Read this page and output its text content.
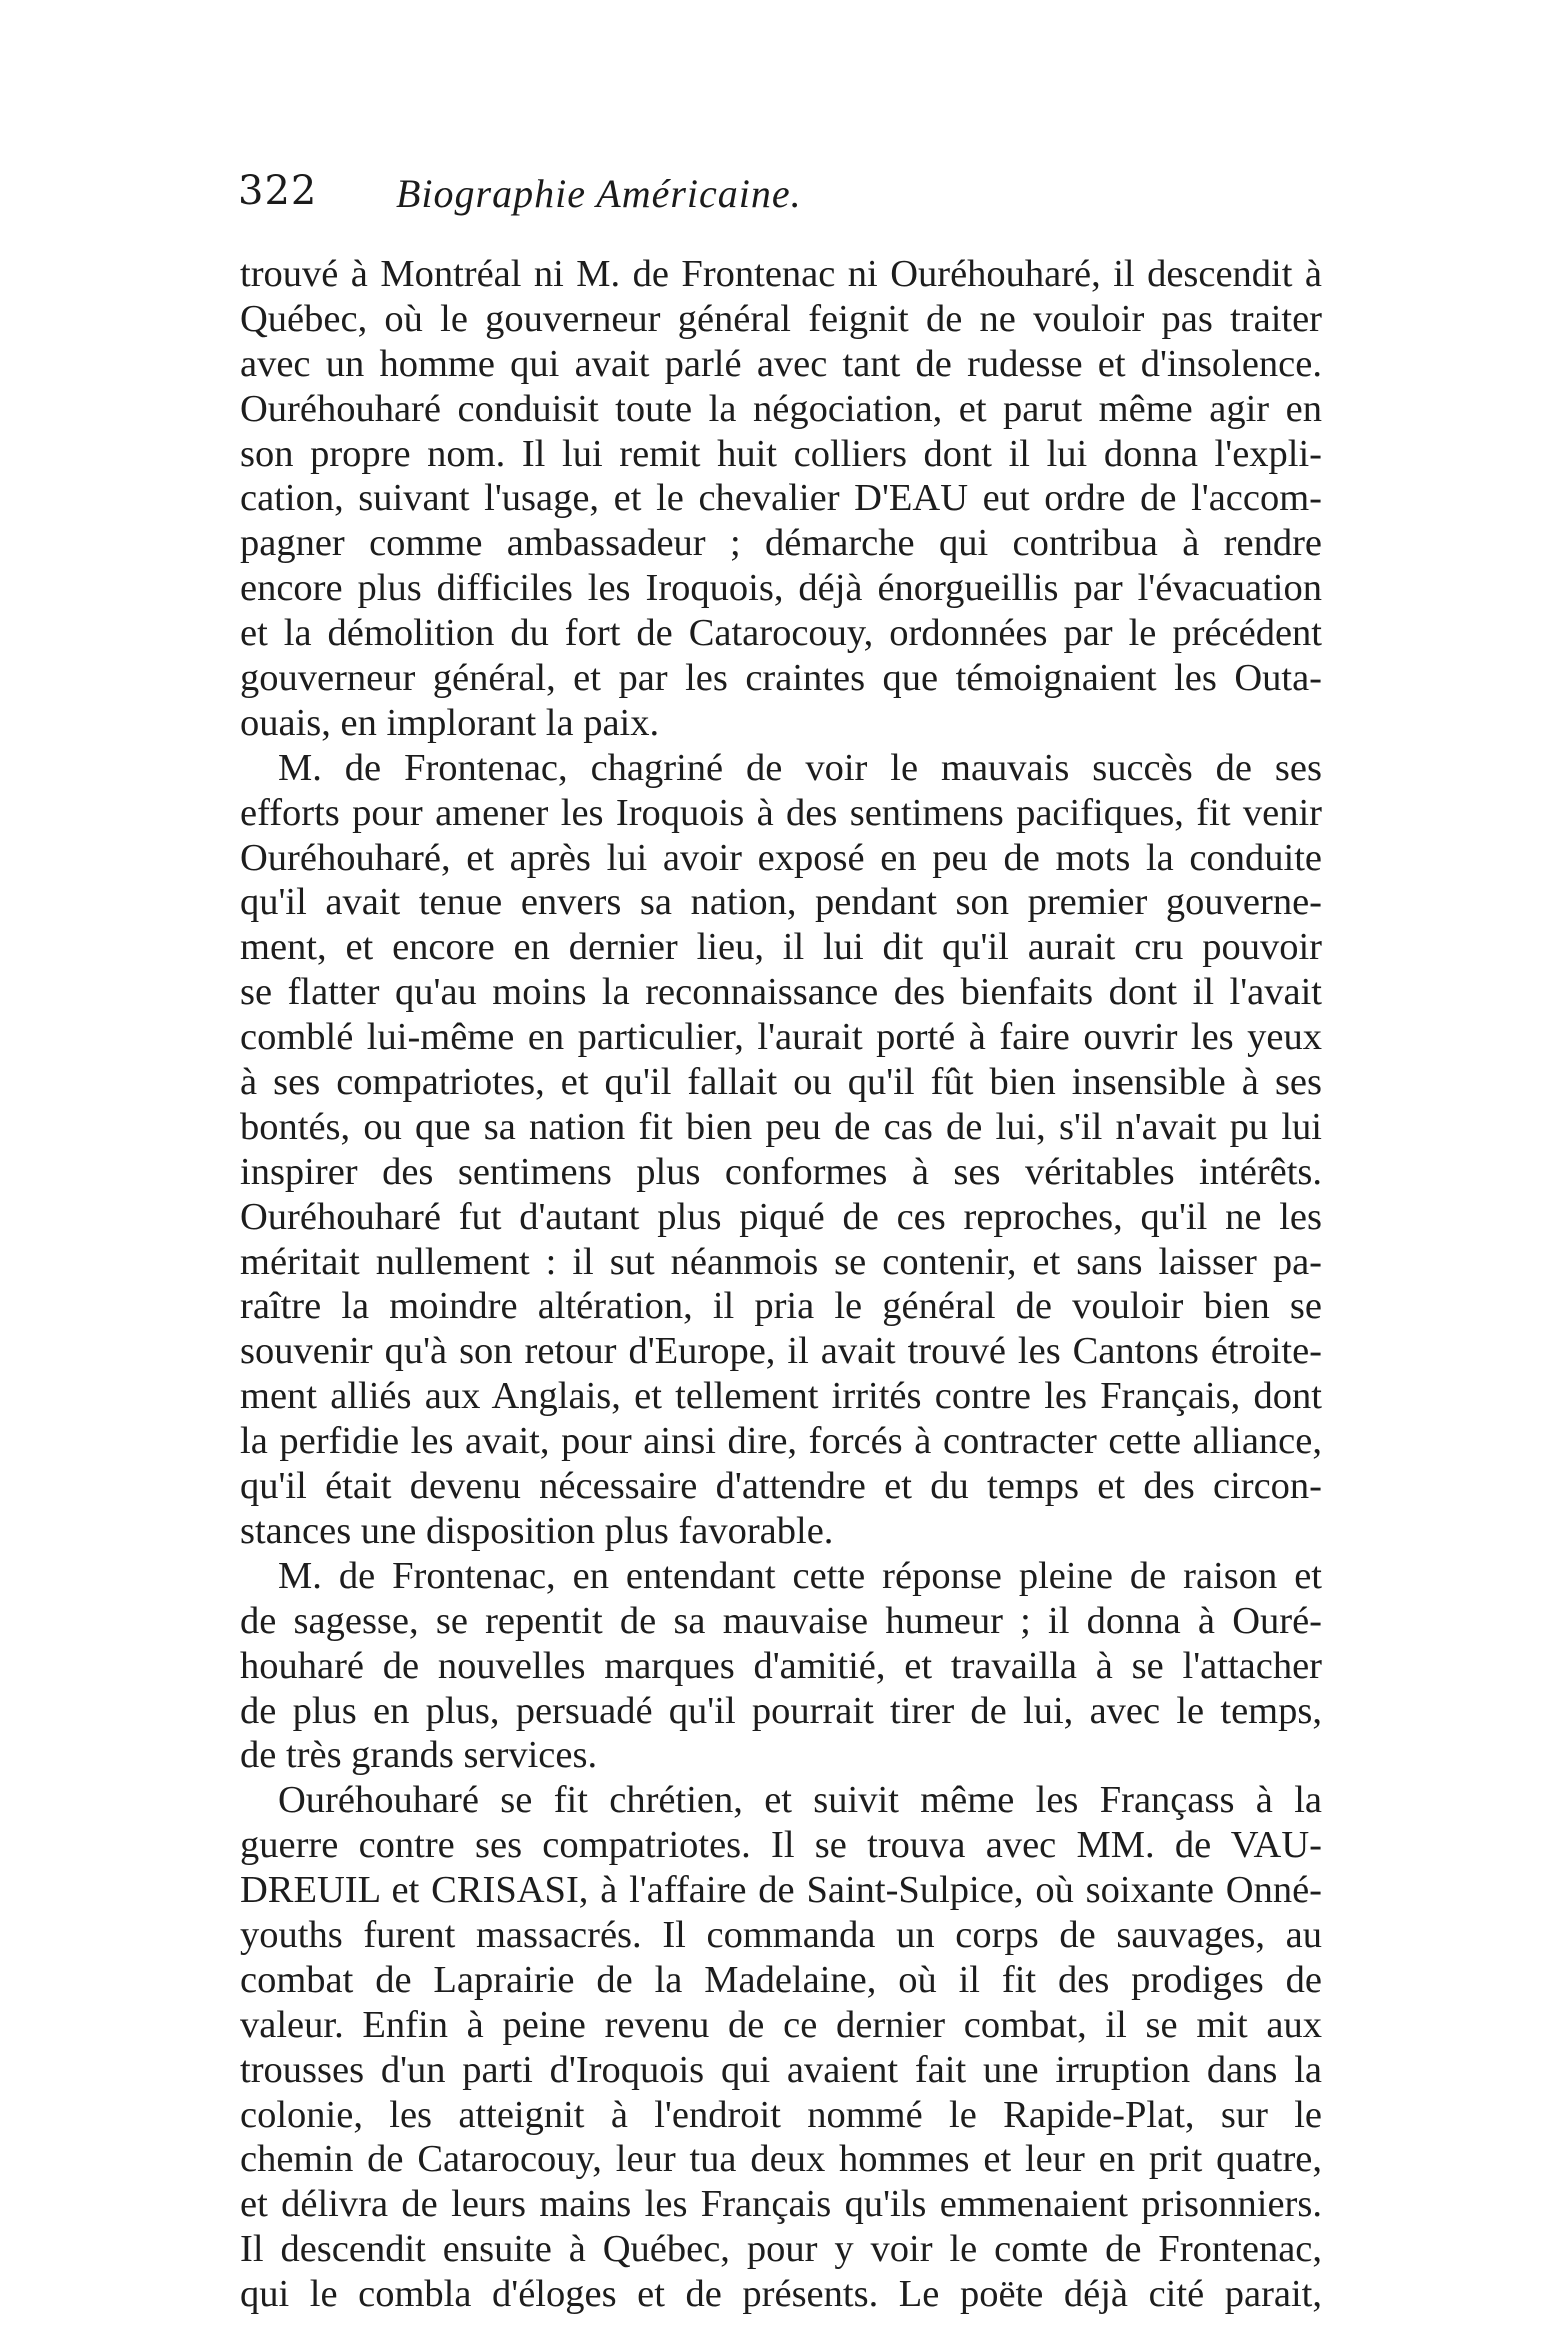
322 Biographie Américaine.
trouvé à Montréal ni M. de Frontenac ni Ouréhouharé, il descendit à
Québec, où le gouverneur général feignit de ne vouloir pas traiter
avec un homme qui avait parlé avec tant de rudesse et d'insolence.
Ouréhouharé conduisit toute la négociation, et parut même agir en
son propre nom. Il lui remit huit colliers dont il lui donna l'expli-
cation, suivant l'usage, et le chevalier D'EAU eut ordre de l'accom-
pagner comme ambassadeur ; démarche qui contribua à rendre
encore plus difficiles les Iroquois, déjà énorgueillis par l'évacuation
et la démolition du fort de Catarocouy, ordonnées par le précédent
gouverneur général, et par les craintes que témoignaient les Outa-
ouais, en implorant la paix.
M. de Frontenac, chagriné de voir le mauvais succès de ses
efforts pour amener les Iroquois à des sentimens pacifiques, fit venir
Ouréhouharé, et après lui avoir exposé en peu de mots la conduite
qu'il avait tenue envers sa nation, pendant son premier gouverne-
ment, et encore en dernier lieu, il lui dit qu'il aurait cru pouvoir
se flatter qu'au moins la reconnaissance des bienfaits dont il l'avait
comblé lui-même en particulier, l'aurait porté à faire ouvrir les yeux
à ses compatriotes, et qu'il fallait ou qu'il fût bien insensible à ses
bontés, ou que sa nation fit bien peu de cas de lui, s'il n'avait pu lui
inspirer des sentimens plus conformes à ses véritables intérêts.
Ouréhouharé fut d'autant plus piqué de ces reproches, qu'il ne les
méritait nullement : il sut néanmois se contenir, et sans laisser pa-
raître la moindre altération, il pria le général de vouloir bien se
souvenir qu'à son retour d'Europe, il avait trouvé les Cantons étroite-
ment alliés aux Anglais, et tellement irrités contre les Français, dont
la perfidie les avait, pour ainsi dire, forcés à contracter cette alliance,
qu'il était devenu nécessaire d'attendre et du temps et des circon-
stances une disposition plus favorable.
M. de Frontenac, en entendant cette réponse pleine de raison et
de sagesse, se repentit de sa mauvaise humeur ; il donna à Ouré-
houharé de nouvelles marques d'amitié, et travailla à se l'attacher
de plus en plus, persuadé qu'il pourrait tirer de lui, avec le temps,
de très grands services.
Ouréhouharé se fit chrétien, et suivit même les Françass à la
guerre contre ses compatriotes. Il se trouva avec MM. de VAU-
DREUIL et CRISASI, à l'affaire de Saint-Sulpice, où soixante Onné-
youths furent massacrés. Il commanda un corps de sauvages, au
combat de Laprairie de la Madelaine, où il fit des prodiges de
valeur. Enfin à peine revenu de ce dernier combat, il se mit aux
trousses d'un parti d'Iroquois qui avaient fait une irruption dans la
colonie, les atteignit à l'endroit nommé le Rapide-Plat, sur le
chemin de Catarocouy, leur tua deux hommes et leur en prit quatre,
et délivra de leurs mains les Français qu'ils emmenaient prisonniers.
Il descendit ensuite à Québec, pour y voir le comte de Frontenac,
qui le combla d'éloges et de présents. Le poëte déjà cité parait,
